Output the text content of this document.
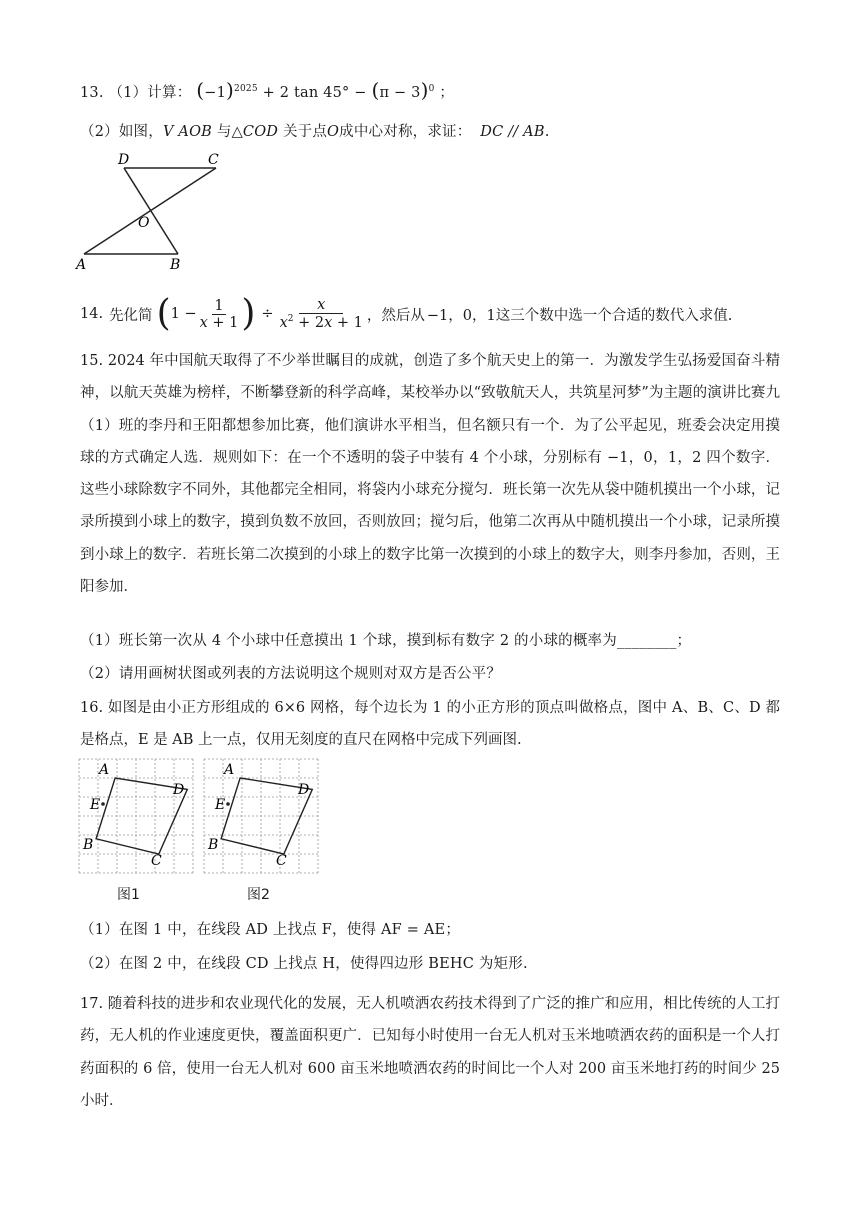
13. （1）计算： $(-1)^{2025} + 2$ $\tan 45^\circ - (\pi - 3)^0$ ；
（2）如图，V AOB 与△COD 关于点O成中心对称，求证： DC // AB.
D	C
O
A	B
14. 先化简 ( $1 - \frac{1}{x + 1}$ ) ÷ $\frac{x}{x^2 + 2x + 1}$ ，然后从 −1，0，1 这三个数中选一个合适的数代入求值.
15. 2024 年中国航天取得了不少举世瞩目的成就，创造了多个航天史上的第一．为激发学生弘扬爱国奋斗精神，以航天英雄为榜样，不断攀登新的科学高峰，某校举办以“致敬航天人，共筑星河梦”为主题的演讲比赛九（1）班的李丹和王阳都想参加比赛，他们演讲水平相当，但名额只有一个．为了公平起见，班委会决定用摸球的方式确定人选．规则如下：在一个不透明的袋子中装有 4 个小球，分别标有 −1，0，1，2 四个数字．这些小球除数字不同外，其他都完全相同，将袋内小球充分搅匀．班长第一次先从袋中随机摸出一个小球，记录所摸到小球上的数字，摸到负数不放回，否则放回；搅匀后，他第二次再从中随机摸出一个小球，记录所摸到小球上的数字．若班长第二次摸到的小球上的数字比第一次摸到的小球上的数字大，则李丹参加，否则，王阳参加．
（1）班长第一次从 4 个小球中任意摸出 1 个球，摸到标有数字 2 的小球的概率为________；
（2）请用画树状图或列表的方法说明这个规则对双方是否公平？
16. 如图是由小正方形组成的 6×6 网格，每个边长为 1 的小正方形的顶点叫做格点，图中 A、B、C、D 都是格点，E 是 AB 上一点，仅用无刻度的直尺在网格中完成下列画图.
A
D
C
B
E
A
D
C
B
E
图1	图2
（1）在图 1 中，在线段 AD 上找点 F，使得 AF = AE；
（2）在图 2 中，在线段 CD 上找点 H，使得四边形 BEHC 为矩形.
17. 随着科技的进步和农业现代化的发展，无人机喷洒农药技术得到了广泛的推广和应用，相比传统的人工打药，无人机的作业速度更快，覆盖面积更广．已知每小时使用一台无人机对玉米地喷洒农药的面积是一个人打药面积的 6 倍，使用一台无人机对 600 亩玉米地喷洒农药的时间比一个人对 200 亩玉米地打药的时间少 25 小时．
